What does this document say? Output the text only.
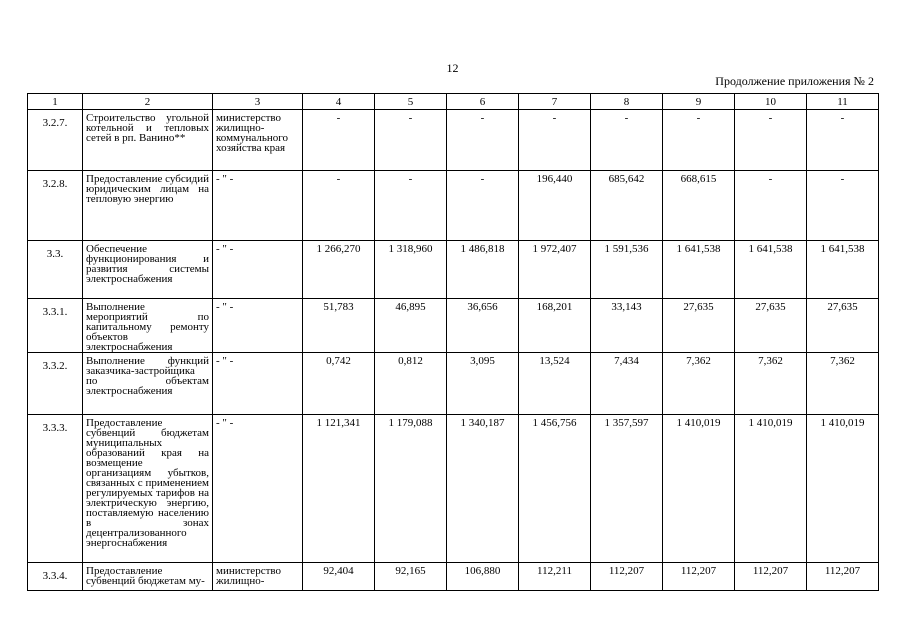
12
Продолжение приложения № 2
1	2	3	4	5	6	7	8	9	10	11
3.2.7.	Строительство угольной котельной и тепловых сетей в рп. Ванино**	министерство жилищно-коммунального хозяйства края	-	-	-	-	-	-	-	-
3.2.8.	Предоставление субсидий юридическим лицам на тепловую энергию	- " -	-	-	-	196,440	685,642	668,615	-	-
3.3.	Обеспечение функционирования и развития системы электроснабжения	- " -	1 266,270	1 318,960	1 486,818	1 972,407	1 591,536	1 641,538	1 641,538	1 641,538
3.3.1.	Выполнение мероприятий по капитальному ремонту объектов электроснабжения	- " -	51,783	46,895	36,656	168,201	33,143	27,635	27,635	27,635
3.3.2.	Выполнение функций заказчика-застройщика по объектам электроснабжения	- " -	0,742	0,812	3,095	13,524	7,434	7,362	7,362	7,362
3.3.3.	Предоставление субвенций бюджетам муниципальных образований края на возмещение организациям убытков, связанных с применением регулируемых тарифов на электрическую энергию, поставляемую населению в зонах децентрализованного энергоснабжения	- " -	1 121,341	1 179,088	1 340,187	1 456,756	1 357,597	1 410,019	1 410,019	1 410,019
3.3.4.	Предоставление субвенций бюджетам му-	министерство жилищно-	92,404	92,165	106,880	112,211	112,207	112,207	112,207	112,207
